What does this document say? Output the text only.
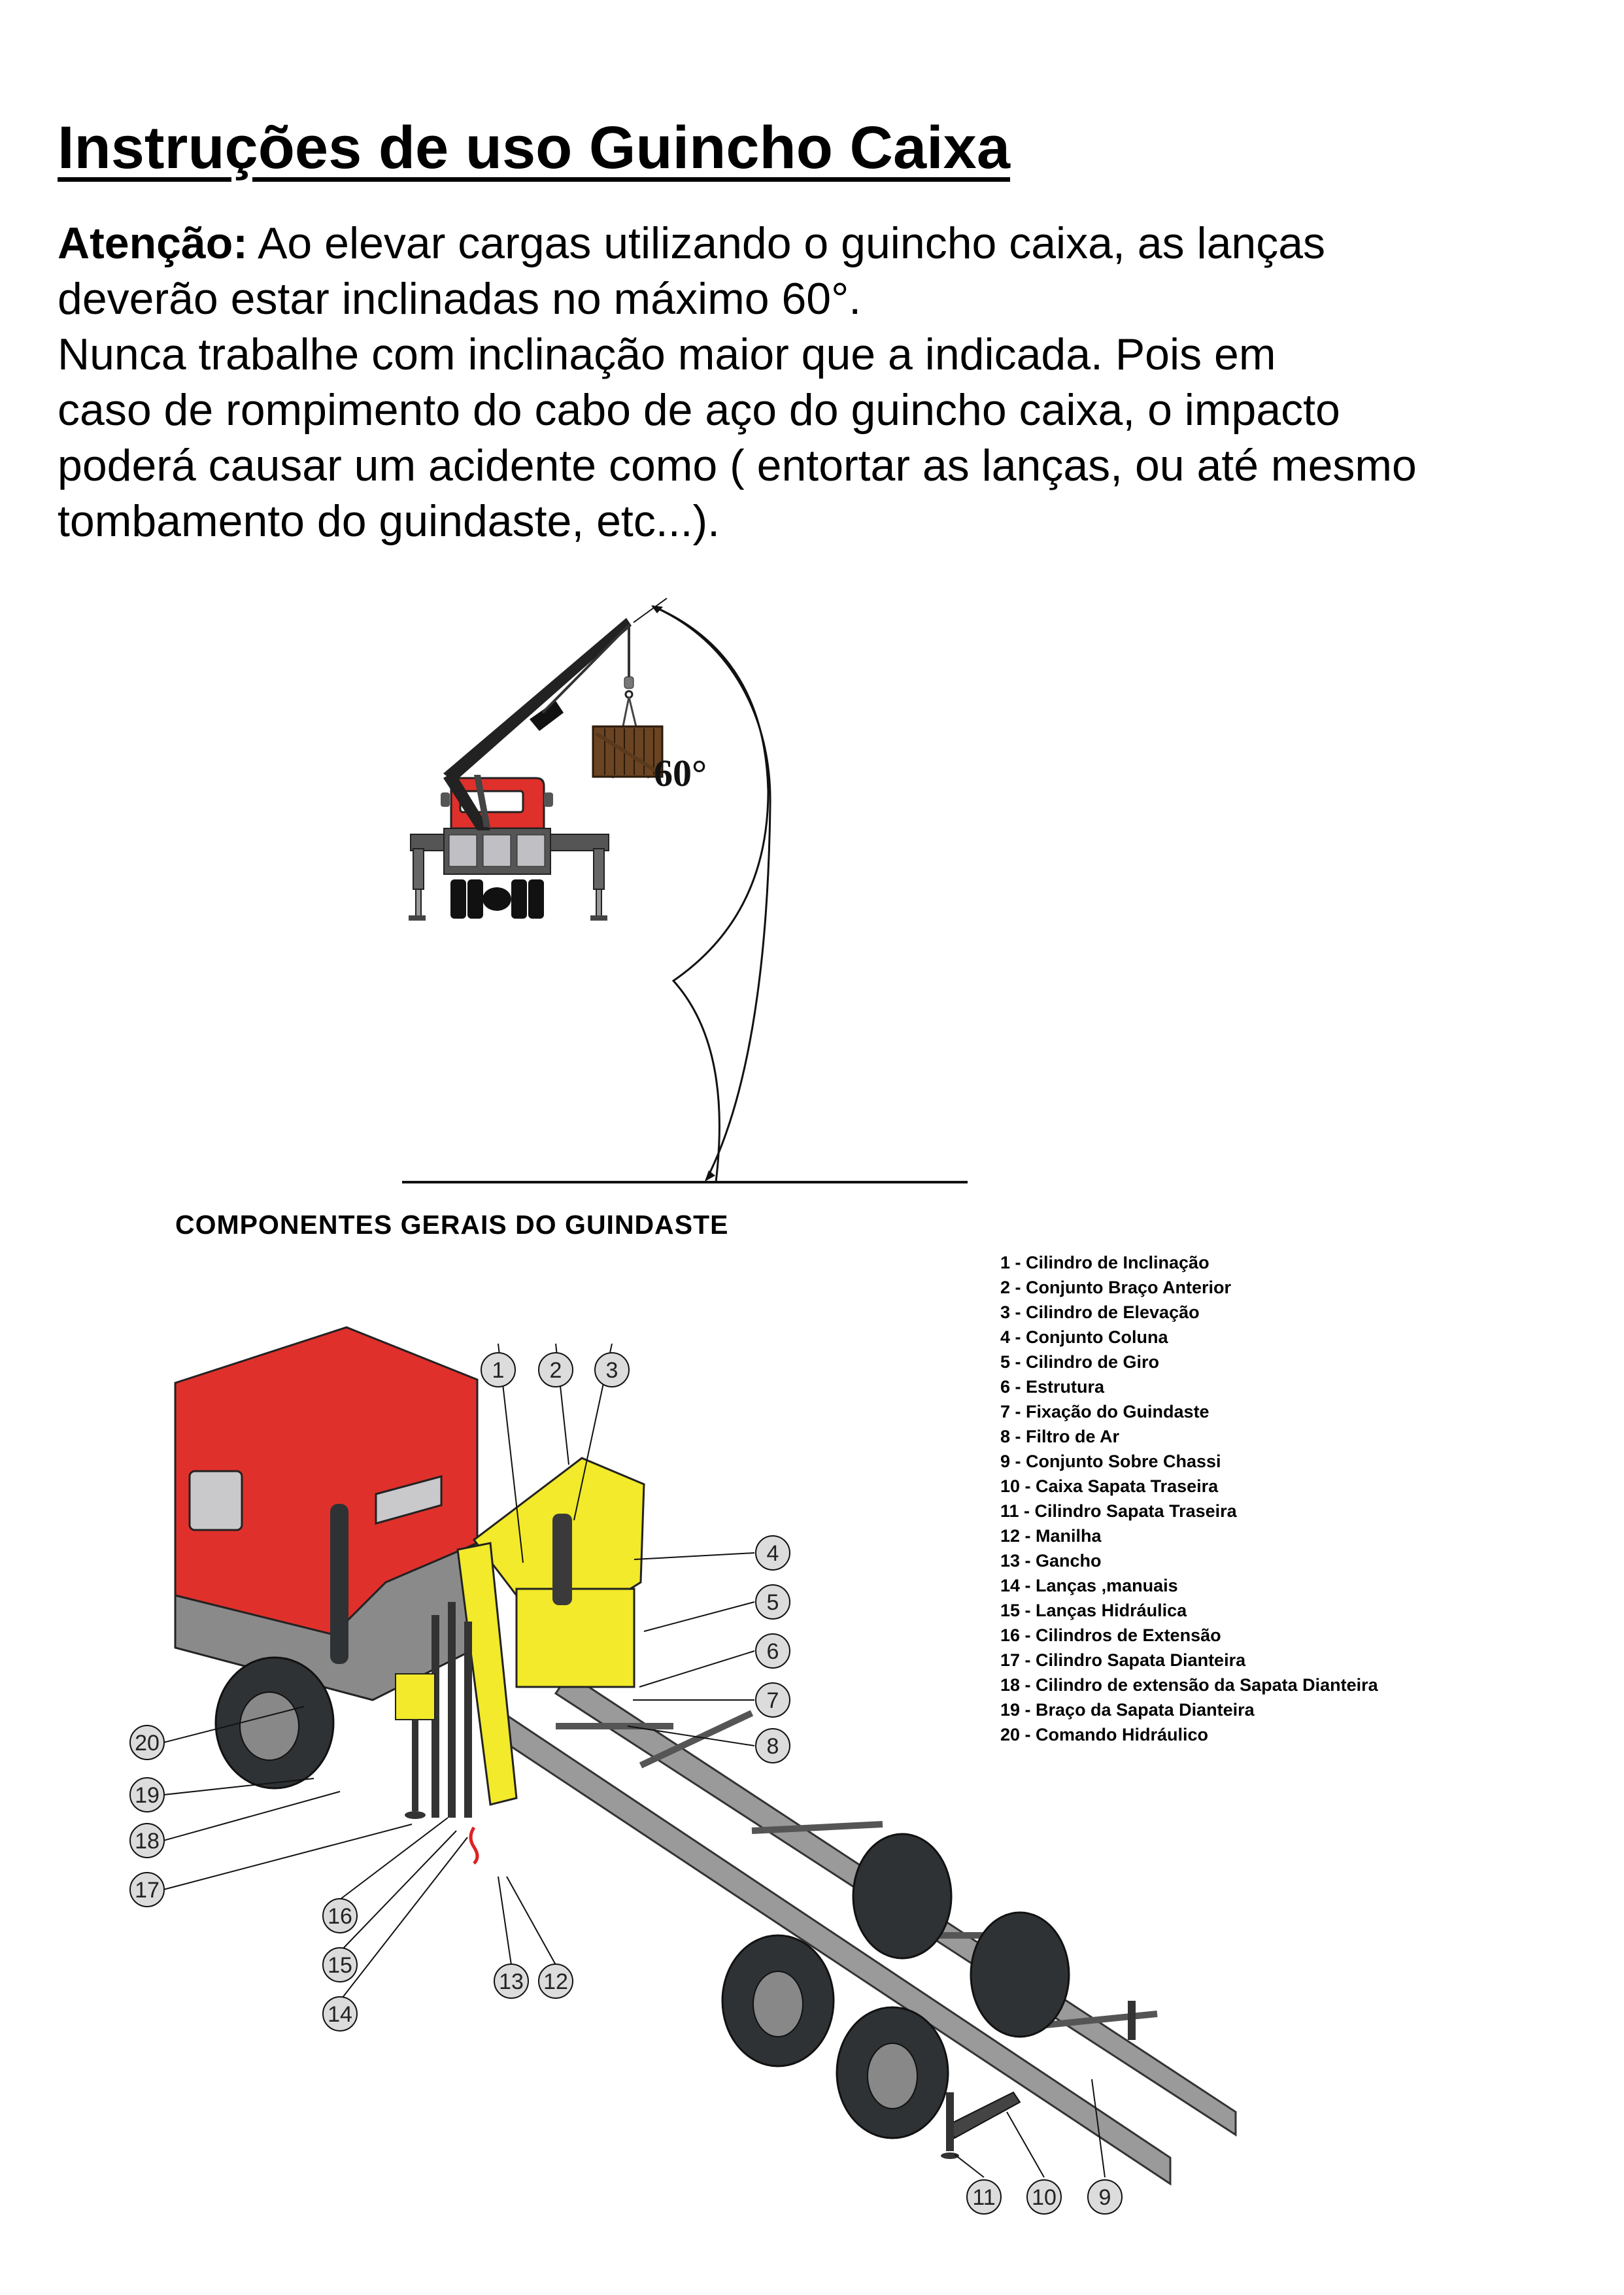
Instruções de uso Guincho Caixa
Atenção: Ao elevar cargas utilizando o guincho caixa, as lanças
deverão estar inclinadas no máximo 60°.
Nunca trabalhe com inclinação maior que a indicada. Pois em
caso de rompimento do cabo de aço do guincho caixa, o impacto
poderá causar um acidente como ( entortar as lanças, ou até mesmo
tombamento do guindaste, etc...).
60°
COMPONENTES GERAIS DO GUINDASTE
1 - Cilindro de Inclinação
2 - Conjunto Braço Anterior
3 - Cilindro de Elevação
4 - Conjunto Coluna
5 - Cilindro de Giro
6 - Estrutura
7 - Fixação do Guindaste
8 - Filtro de Ar
9 - Conjunto Sobre Chassi
10 - Caixa Sapata Traseira
11 - Cilindro Sapata Traseira
12 - Manilha
13 - Gancho
14 - Lanças ,manuais
15 - Lanças Hidráulica
16 - Cilindros de Extensão
17 - Cilindro Sapata Dianteira
18 - Cilindro de extensão da Sapata Dianteira
19 - Braço da Sapata Dianteira
20 - Comando Hidráulico
1 2 3
4
5
6
7
8
9
10
11
12
13
14
15
16
17
18
19
20
